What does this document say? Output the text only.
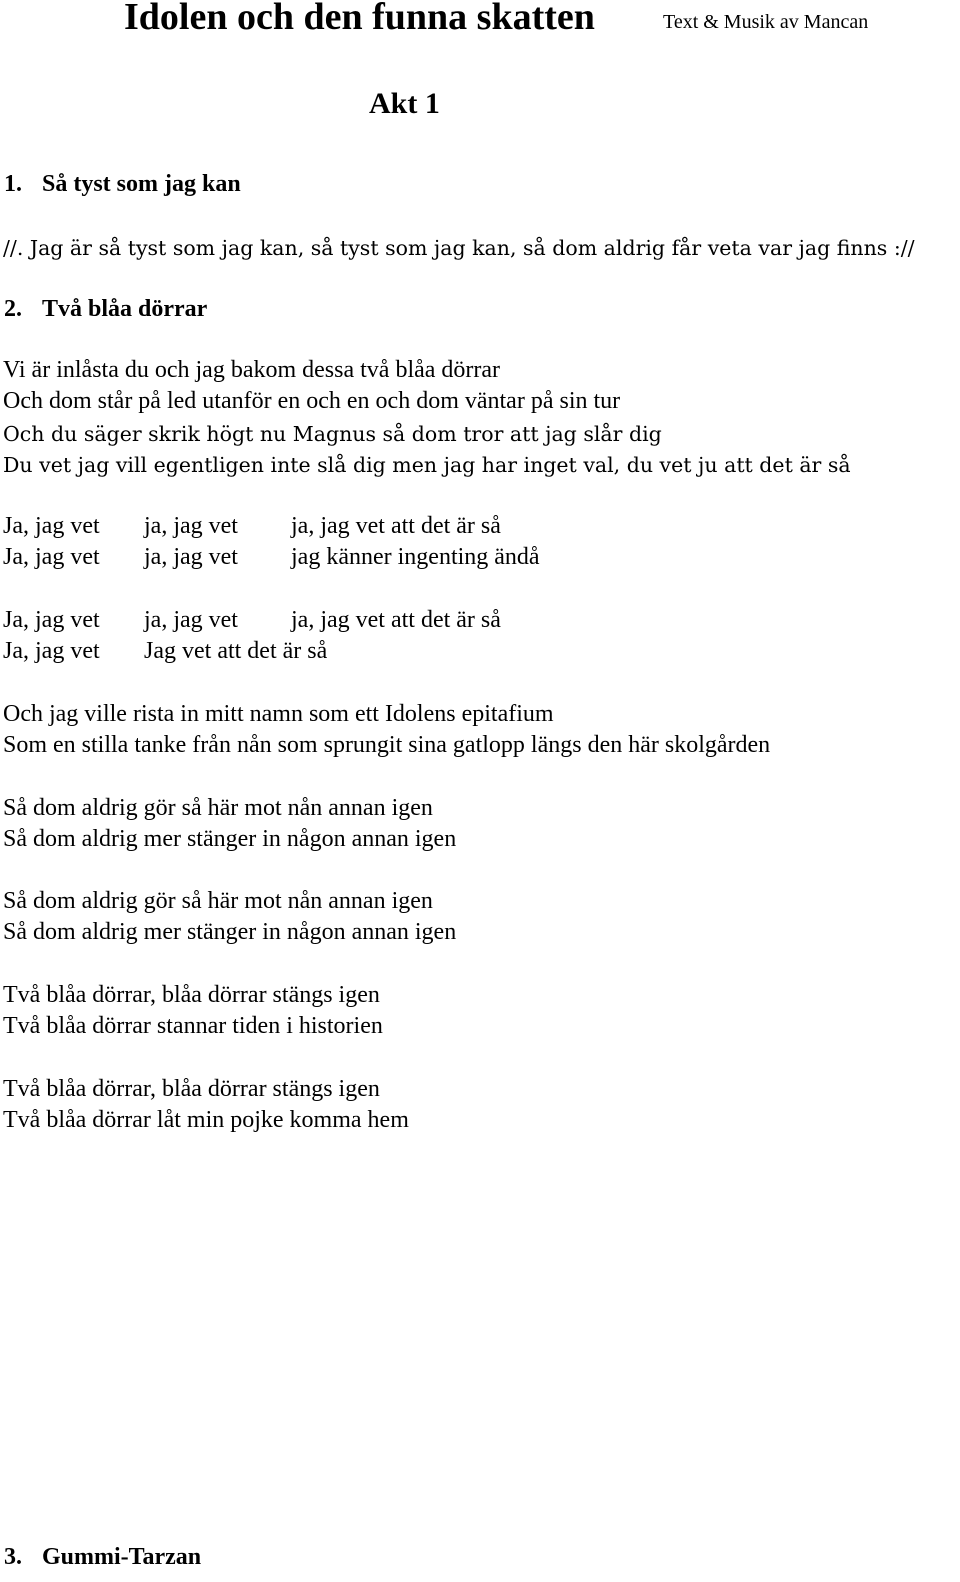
Idolen och den funna skatten	Text & Musik av Mancan
Akt 1
1. Så tyst som jag kan
//. Jag är så tyst som jag kan, så tyst som jag kan, så dom aldrig får veta var jag finns ://
2. Två blåa dörrar
Vi är inlåsta du och jag bakom dessa två blåa dörrar
Och dom står på led utanför en och en och dom väntar på sin tur
Och du säger skrik högt nu Magnus så dom tror att jag slår dig
Du vet jag vill egentligen inte slå dig men jag har inget val, du vet ju att det är så
Ja, jag vet ja, jag vet ja, jag vet att det är så
Ja, jag vet ja, jag vet jag känner ingenting ändå
Ja, jag vet ja, jag vet ja, jag vet att det är så
Ja, jag vet Jag vet att det är så
Och jag ville rista in mitt namn som ett Idolens epitafium
Som en stilla tanke från nån som sprungit sina gatlopp längs den här skolgården
Så dom aldrig gör så här mot nån annan igen
Så dom aldrig mer stänger in någon annan igen
Så dom aldrig gör så här mot nån annan igen
Så dom aldrig mer stänger in någon annan igen
Två blåa dörrar, blåa dörrar stängs igen
Två blåa dörrar stannar tiden i historien
Två blåa dörrar, blåa dörrar stängs igen
Två blåa dörrar låt min pojke komma hem
3. Gummi-Tarzan
